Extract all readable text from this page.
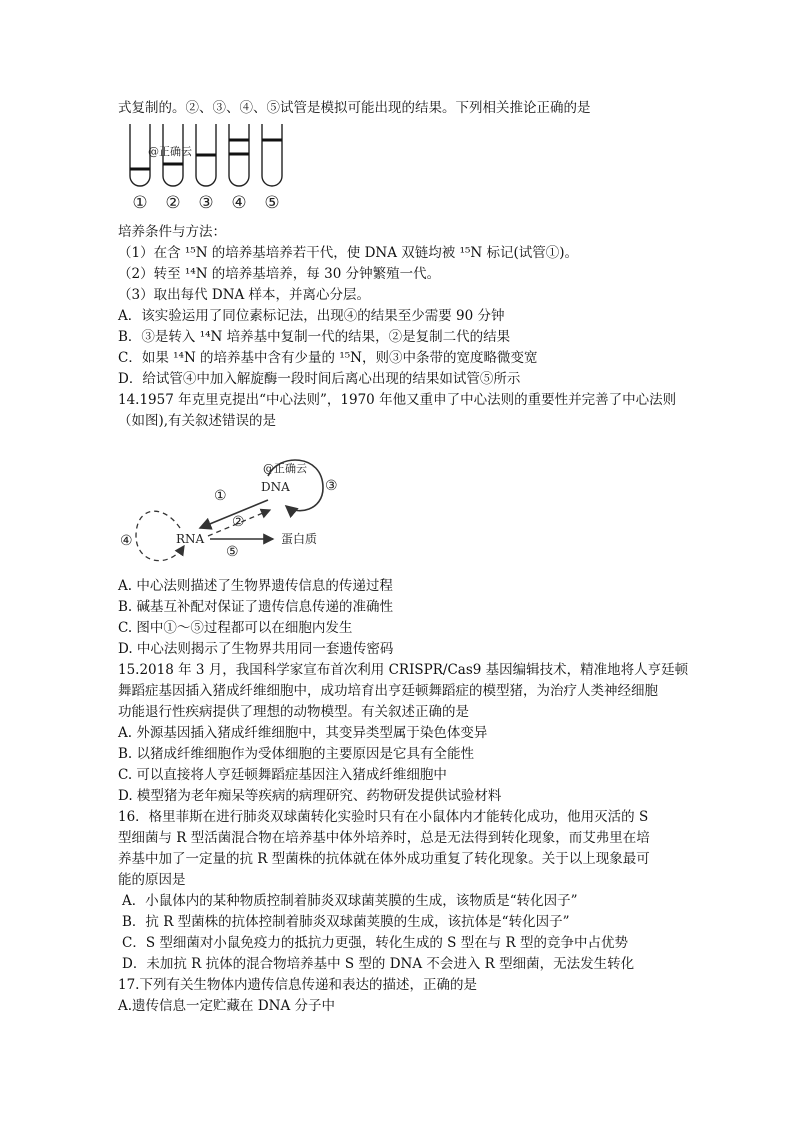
式复制的。②、③、④、⑤试管是模拟可能出现的结果。下列相关推论正确的是
@正确云
① ② ③ ④ ⑤
培养条件与方法：
（1）在含 ¹⁵N 的培养基培养若干代，使 DNA 双链均被 ¹⁵N 标记(试管①)。
（2）转至 ¹⁴N 的培养基培养，每 30 分钟繁殖一代。
（3）取出每代 DNA 样本，并离心分层。
A．该实验运用了同位素标记法，出现④的结果至少需要 90 分钟
B．③是转入 ¹⁴N 培养基中复制一代的结果，②是复制二代的结果
C．如果 ¹⁴N 的培养基中含有少量的 ¹⁵N，则③中条带的宽度略微变宽
D．给试管④中加入解旋酶一段时间后离心出现的结果如试管⑤所示
14.1957 年克里克提出“中心法则”，1970 年他又重申了中心法则的重要性并完善了中心法则
（如图),有关叙述错误的是
@正确云
DNA
RNA	蛋白质
①
②
③
④
⑤
A. 中心法则描述了生物界遗传信息的传递过程
B. 碱基互补配对保证了遗传信息传递的准确性
C. 图中①～⑤过程都可以在细胞内发生
D. 中心法则揭示了生物界共用同一套遗传密码
15.2018 年 3 月，我国科学家宣布首次利用 CRISPR/Cas9 基因编辑技术，精准地将人亨廷顿
舞蹈症基因插入猪成纤维细胞中，成功培育出亨廷顿舞蹈症的模型猪，为治疗人类神经细胞
功能退行性疾病提供了理想的动物模型。有关叙述正确的是
A. 外源基因插入猪成纤维细胞中，其变异类型属于染色体变异
B. 以猪成纤维细胞作为受体细胞的主要原因是它具有全能性
C. 可以直接将人亨廷顿舞蹈症基因注入猪成纤维细胞中
D. 模型猪为老年痴呆等疾病的病理研究、药物研发提供试验材料
16．格里菲斯在进行肺炎双球菌转化实验时只有在小鼠体内才能转化成功，他用灭活的 S
型细菌与 R 型活菌混合物在培养基中体外培养时，总是无法得到转化现象，而艾弗里在培
养基中加了一定量的抗 R 型菌株的抗体就在体外成功重复了转化现象。关于以上现象最可
能的原因是
A．小鼠体内的某种物质控制着肺炎双球菌荚膜的生成，该物质是“转化因子”
B．抗 R 型菌株的抗体控制着肺炎双球菌荚膜的生成，该抗体是“转化因子”
C．S 型细菌对小鼠免疫力的抵抗力更强，转化生成的 S 型在与 R 型的竞争中占优势
D．未加抗 R 抗体的混合物培养基中 S 型的 DNA 不会进入 R 型细菌，无法发生转化
17.下列有关生物体内遗传信息传递和表达的描述，正确的是
A.遗传信息一定贮藏在 DNA 分子中
